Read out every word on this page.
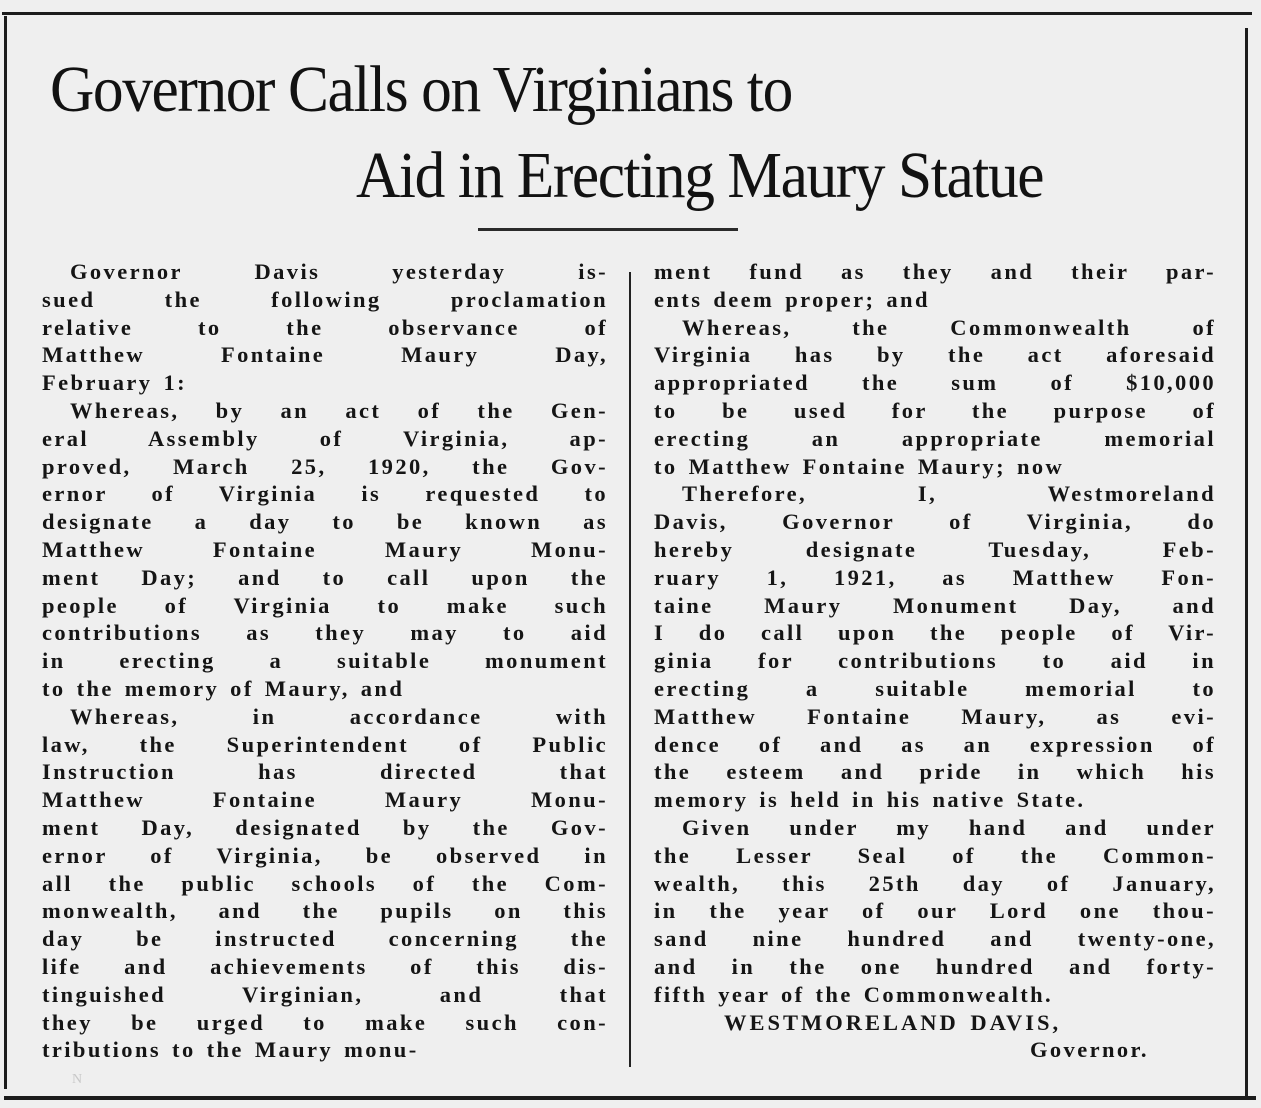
Governor Calls on Virginians to
Aid in Erecting Maury Statue

Governor Davis yesterday is-
sued the following proclamation
relative to the observance of
Matthew Fontaine Maury Day,
February 1:

Whereas, by an act of the Gen-
eral Assembly of Virginia, ap-
proved, March 25, 1920, the Gov-
ernor of Virginia is requested to
designate a day to be known as
Matthew Fontaine Maury Monu-
ment Day; and to call upon the
people of Virginia to make such
contributions as they may to aid
in erecting a suitable monument
to the memory of Maury, and

Whereas, in accordance with
law, the Superintendent of Public
Instruction has directed that
Matthew Fontaine Maury Monu-
ment Day, designated by the Gov-
ernor of Virginia, be observed in
all the public schools of the Com-
monwealth, and the pupils on this
day be instructed concerning the
life and achievements of this dis-
tinguished Virginian, and that
they be urged to make such con-
tributions to the Maury monu-

ment fund as they and their par-
ents deem proper; and

Whereas, the Commonwealth of
Virginia has by the act aforesaid
appropriated the sum of $10,000
to be used for the purpose of
erecting an appropriate memorial
to Matthew Fontaine Maury; now

Therefore, I, Westmoreland
Davis, Governor of Virginia, do
hereby designate Tuesday, Feb-
ruary 1, 1921, as Matthew Fon-
taine Maury Monument Day, and
I do call upon the people of Vir-
ginia for contributions to aid in
erecting a suitable memorial to
Matthew Fontaine Maury, as evi-
dence of and as an expression of
the esteem and pride in which his
memory is held in his native State.

Given under my hand and under
the Lesser Seal of the Common-
wealth, this 25th day of January,
in the year of our Lord one thou-
sand nine hundred and twenty-one,
and in the one hundred and forty-
fifth year of the Commonwealth.

WESTMORELAND DAVIS,

Governor.

N
